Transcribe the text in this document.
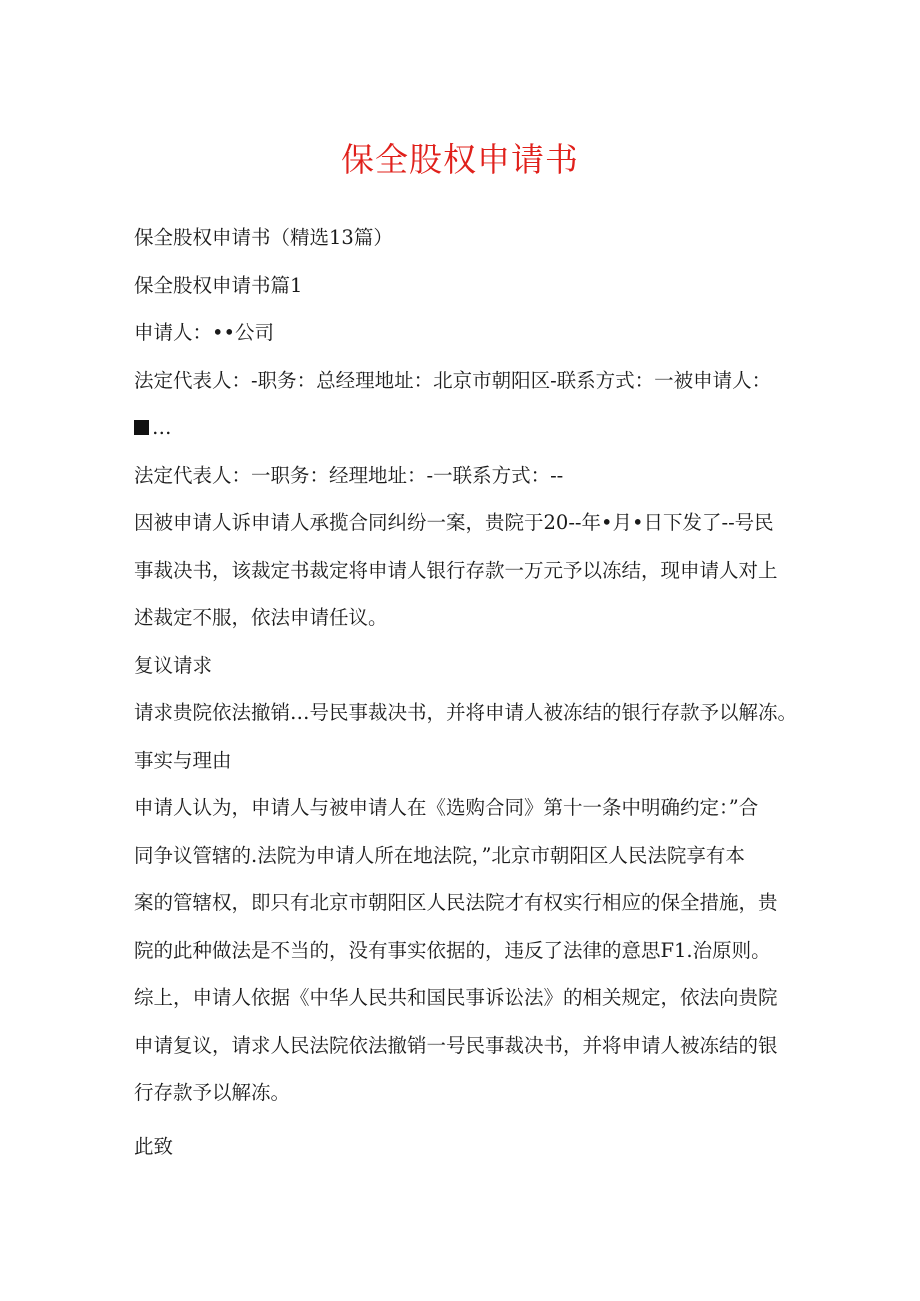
保全股权申请书

保全股权申请书（精选13篇）

保全股权申请书篇1

申请人：••公司

法定代表人：-职务：总经理地址：北京市朝阳区-联系方式：一被申请人：

…

法定代表人：一职务：经理地址：-一联系方式：--

因被申请人诉申请人承揽合同纠纷一案，贵院于20--年•月•日下发了--号民

事裁决书，该裁定书裁定将申请人银行存款一万元予以冻结，现申请人对上

述裁定不服，依法申请任议。

复议请求

请求贵院依法撤销…号民事裁决书，并将申请人被冻结的银行存款予以解冻。

事实与理由

申请人认为，申请人与被申请人在《选购合同》第十一条中明确约定：”合

同争议管辖的.法院为申请人所在地法院，”北京市朝阳区人民法院享有本

案的管辖权，即只有北京市朝阳区人民法院才有权实行相应的保全措施，贵

院的此种做法是不当的，没有事实依据的，违反了法律的意思F1.治原则。

综上，申请人依据《中华人民共和国民事诉讼法》的相关规定，依法向贵院

申请复议，请求人民法院依法撤销一号民事裁决书，并将申请人被冻结的银

行存款予以解冻。

此致
